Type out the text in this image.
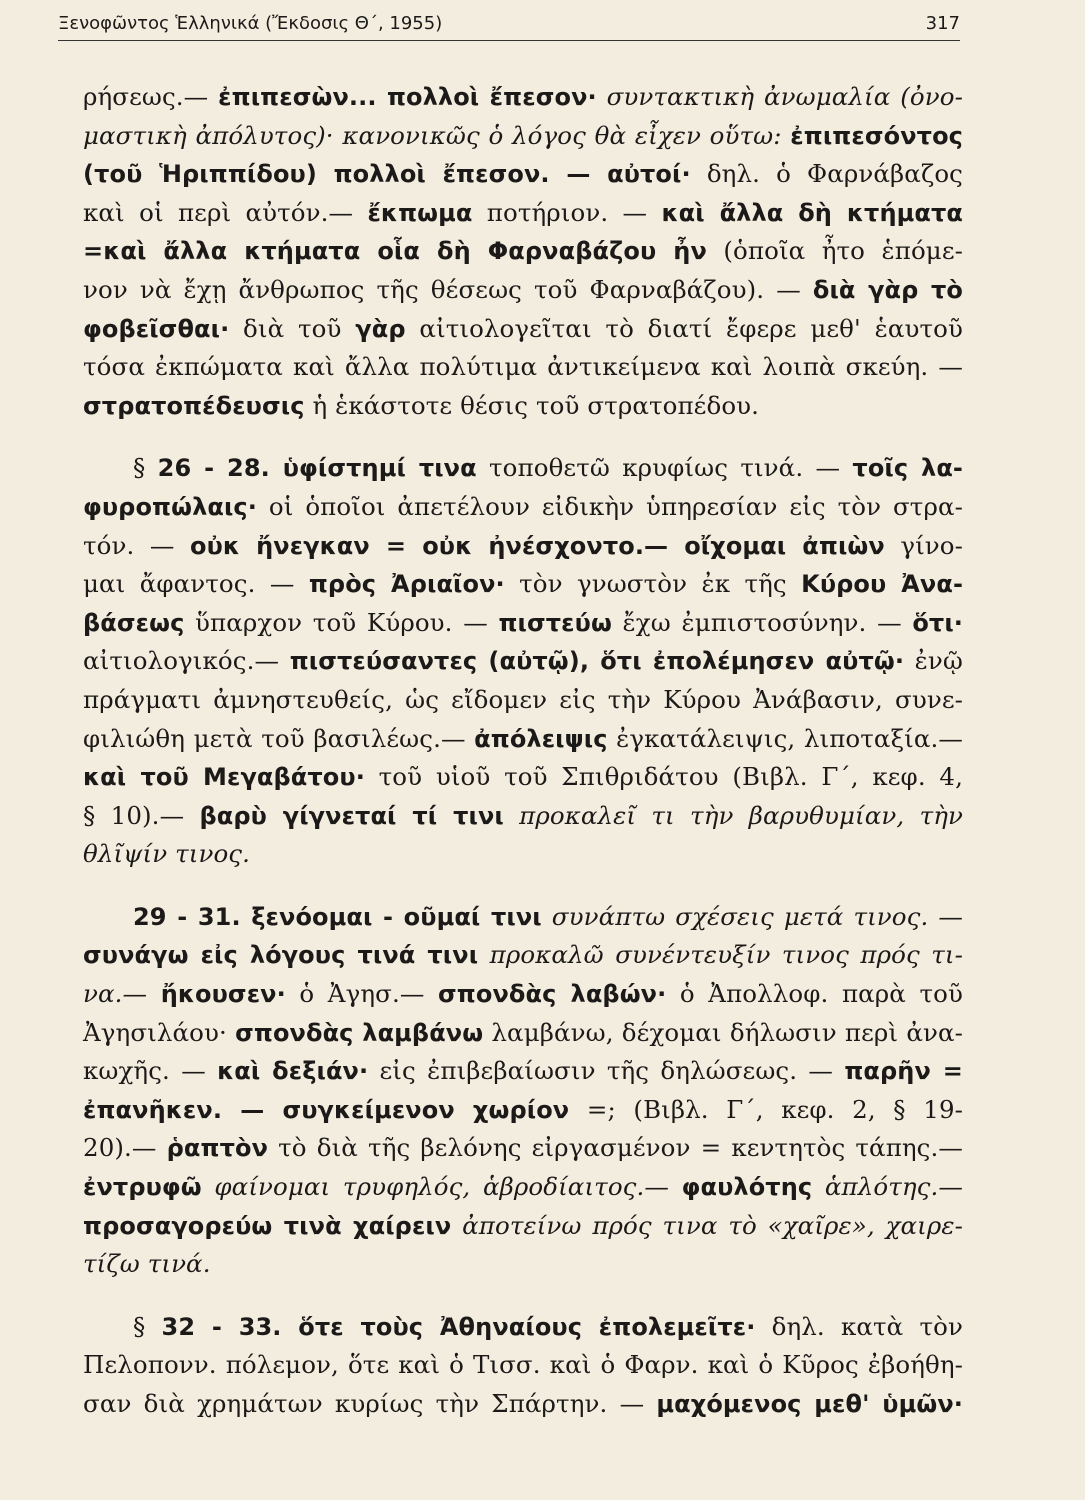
Ξενοφῶντος Ἑλληνικά (Ἔκδοσις Θ΄, 1955)	317
ρήσεως.— ἐπιπεσὼν... πολλοὶ ἔπεσον· συντακτικὴ ἀνωμαλία (ὀνο-
μαστικὴ ἀπόλυτος)· κανονικῶς ὁ λόγος θὰ εἶχεν οὕτω: ἐπιπεσόντος
(τοῦ Ἡριππίδου) πολλοὶ ἔπεσον. — αὐτοί· δηλ. ὁ Φαρνάβαζος
καὶ οἱ περὶ αὐτόν.— ἔκπωμα ποτήριον. — καὶ ἄλλα δὴ κτήματα
=καὶ ἄλλα κτήματα οἷα δὴ Φαρναβάζου ἦν (ὁποῖα ἦτο ἑπόμε-
νον νὰ ἔχῃ ἄνθρωπος τῆς θέσεως τοῦ Φαρναβάζου). — διὰ γὰρ τὸ
φοβεῖσθαι· διὰ τοῦ γὰρ αἰτιολογεῖται τὸ διατί ἔφερε μεθ' ἑαυτοῦ
τόσα ἐκπώματα καὶ ἄλλα πολύτιμα ἀντικείμενα καὶ λοιπὰ σκεύη. —
στρατοπέδευσις ἡ ἑκάστοτε θέσις τοῦ στρατοπέδου.
§ 26 - 28. ὑφίστημί τινα τοποθετῶ κρυφίως τινά. — τοῖς λα-
φυροπώλαις· οἱ ὁποῖοι ἀπετέλουν εἰδικὴν ὑπηρεσίαν εἰς τὸν στρα-
τόν. — οὐκ ἤνεγκαν = οὐκ ἠνέσχοντο.— οἴχομαι ἀπιὼν γίνο-
μαι ἄφαντος. — πρὸς Ἀριαῖον· τὸν γνωστὸν ἐκ τῆς Κύρου Ἀνα-
βάσεως ὕπαρχον τοῦ Κύρου. — πιστεύω ἔχω ἐμπιστοσύνην. — ὅτι·
αἰτιολογικός.— πιστεύσαντες (αὐτῷ), ὅτι ἐπολέμησεν αὐτῷ· ἐνῷ
πράγματι ἀμνηστευθείς, ὡς εἴδομεν εἰς τὴν Κύρου Ἀνάβασιν, συνε-
φιλιώθη μετὰ τοῦ βασιλέως.— ἀπόλειψις ἐγκατάλειψις, λιποταξία.—
καὶ τοῦ Μεγαβάτου· τοῦ υἱοῦ τοῦ Σπιθριδάτου (Βιβλ. Γ΄, κεφ. 4,
§ 10).— βαρὺ γίγνεταί τί τινι προκαλεῖ τι τὴν βαρυθυμίαν, τὴν
θλῖψίν τινος.
29 - 31. ξενόομαι - οῦμαί τινι συνάπτω σχέσεις μετά τινος. —
συνάγω εἰς λόγους τινά τινι προκαλῶ συνέντευξίν τινος πρός τι-
να.— ἤκουσεν· ὁ Ἀγησ.— σπονδὰς λαβών· ὁ Ἀπολλοφ. παρὰ τοῦ
Ἀγησιλάου· σπονδὰς λαμβάνω λαμβάνω, δέχομαι δήλωσιν περὶ ἀνα-
κωχῆς. — καὶ δεξιάν· εἰς ἐπιβεβαίωσιν τῆς δηλώσεως. — παρῆν =
ἐπανῆκεν. — συγκείμενον χωρίον =; (Βιβλ. Γ΄, κεφ. 2, § 19-
20).— ῥαπτὸν τὸ διὰ τῆς βελόνης εἰργασμένον = κεντητὸς τάπης.—
ἐντρυφῶ φαίνομαι τρυφηλός, ἁβροδίαιτος.— φαυλότης ἁπλότης.—
προσαγορεύω τινὰ χαίρειν ἀποτείνω πρός τινα τὸ «χαῖρε», χαιρε-
τίζω τινά.
§ 32 - 33. ὅτε τοὺς Ἀθηναίους ἐπολεμεῖτε· δηλ. κατὰ τὸν
Πελοπονν. πόλεμον, ὅτε καὶ ὁ Τισσ. καὶ ὁ Φαρν. καὶ ὁ Κῦρος ἐβοήθη-
σαν διὰ χρημάτων κυρίως τὴν Σπάρτην. — μαχόμενος μεθ' ὑμῶν·
